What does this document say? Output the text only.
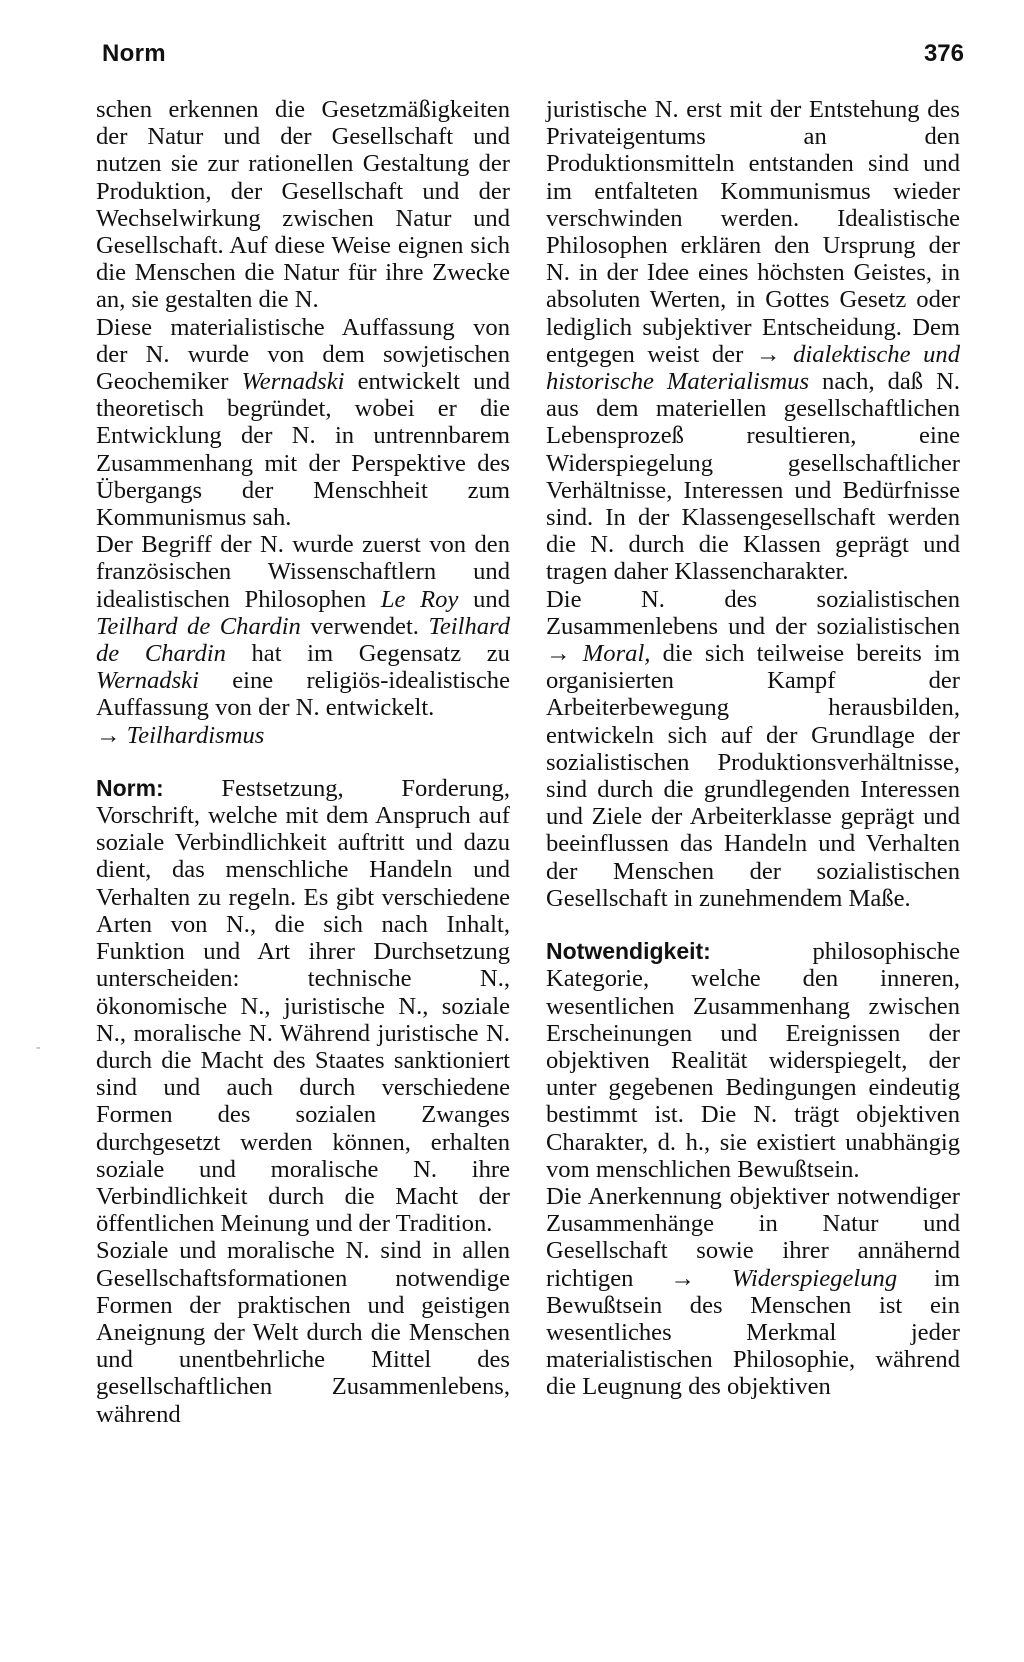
Norm	376
‐

schen erkennen die Gesetzmäßigkeiten der Natur und der Gesellschaft und nutzen sie zur rationellen Gestaltung der Produktion, der Gesellschaft und der Wechselwirkung zwischen Natur und Gesellschaft. Auf diese Weise eignen sich die Menschen die Natur für ihre Zwecke an, sie gestalten die N.

Diese materialistische Auffassung von der N. wurde von dem sowjetischen Geochemiker Wernadski entwickelt und theoretisch begründet, wobei er die Entwicklung der N. in untrennbarem Zusammenhang mit der Perspektive des Übergangs der Menschheit zum Kommunismus sah.

Der Begriff der N. wurde zuerst von den französischen Wissenschaftlern und idealistischen Philosophen Le Roy und Teilhard de Chardin verwendet. Teilhard de Chardin hat im Gegensatz zu Wernadski eine religiös-idealistische Auffassung von der N. entwickelt.
→ Teilhardismus

Norm: Festsetzung, Forderung, Vorschrift, welche mit dem Anspruch auf soziale Verbindlichkeit auftritt und dazu dient, das menschliche Handeln und Verhalten zu regeln. Es gibt verschiedene Arten von N., die sich nach Inhalt, Funktion und Art ihrer Durchsetzung unterscheiden: technische N., ökonomische N., juristische N., soziale N., moralische N. Während juristische N. durch die Macht des Staates sanktioniert sind und auch durch verschiedene Formen des sozialen Zwanges durchgesetzt werden können, erhalten soziale und moralische N. ihre Verbindlichkeit durch die Macht der öffentlichen Meinung und der Tradition.

Soziale und moralische N. sind in allen Gesellschaftsformationen notwendige Formen der praktischen und geistigen Aneignung der Welt durch die Menschen und unentbehrliche Mittel des gesellschaftlichen Zusammenlebens, während

juristische N. erst mit der Entstehung des Privateigentums an den Produktionsmitteln entstanden sind und im entfalteten Kommunismus wieder verschwinden werden. Idealistische Philosophen erklären den Ursprung der N. in der Idee eines höchsten Geistes, in absoluten Werten, in Gottes Gesetz oder lediglich subjektiver Entscheidung. Dem entgegen weist der → dialektische und historische Materialismus nach, daß N. aus dem materiellen gesellschaftlichen Lebensprozeß resultieren, eine Widerspiegelung gesellschaftlicher Verhältnisse, Interessen und Bedürfnisse sind. In der Klassengesellschaft werden die N. durch die Klassen geprägt und tragen daher Klassencharakter.

Die N. des sozialistischen Zusammenlebens und der sozialistischen → Moral, die sich teilweise bereits im organisierten Kampf der Arbeiterbewegung herausbilden, entwickeln sich auf der Grundlage der sozialistischen Produktionsverhältnisse, sind durch die grundlegenden Interessen und Ziele der Arbeiterklasse geprägt und beeinflussen das Handeln und Verhalten der Menschen der sozialistischen Gesellschaft in zunehmendem Maße.

Notwendigkeit: philosophische Kategorie, welche den inneren, wesentlichen Zusammenhang zwischen Erscheinungen und Ereignissen der objektiven Realität widerspiegelt, der unter gegebenen Bedingungen eindeutig bestimmt ist. Die N. trägt objektiven Charakter, d. h., sie existiert unabhängig vom menschlichen Bewußtsein.

Die Anerkennung objektiver notwendiger Zusammenhänge in Natur und Gesellschaft sowie ihrer annähernd richtigen → Widerspiegelung im Bewußtsein des Menschen ist ein wesentliches Merkmal jeder materialistischen Philosophie, während die Leugnung des objektiven
